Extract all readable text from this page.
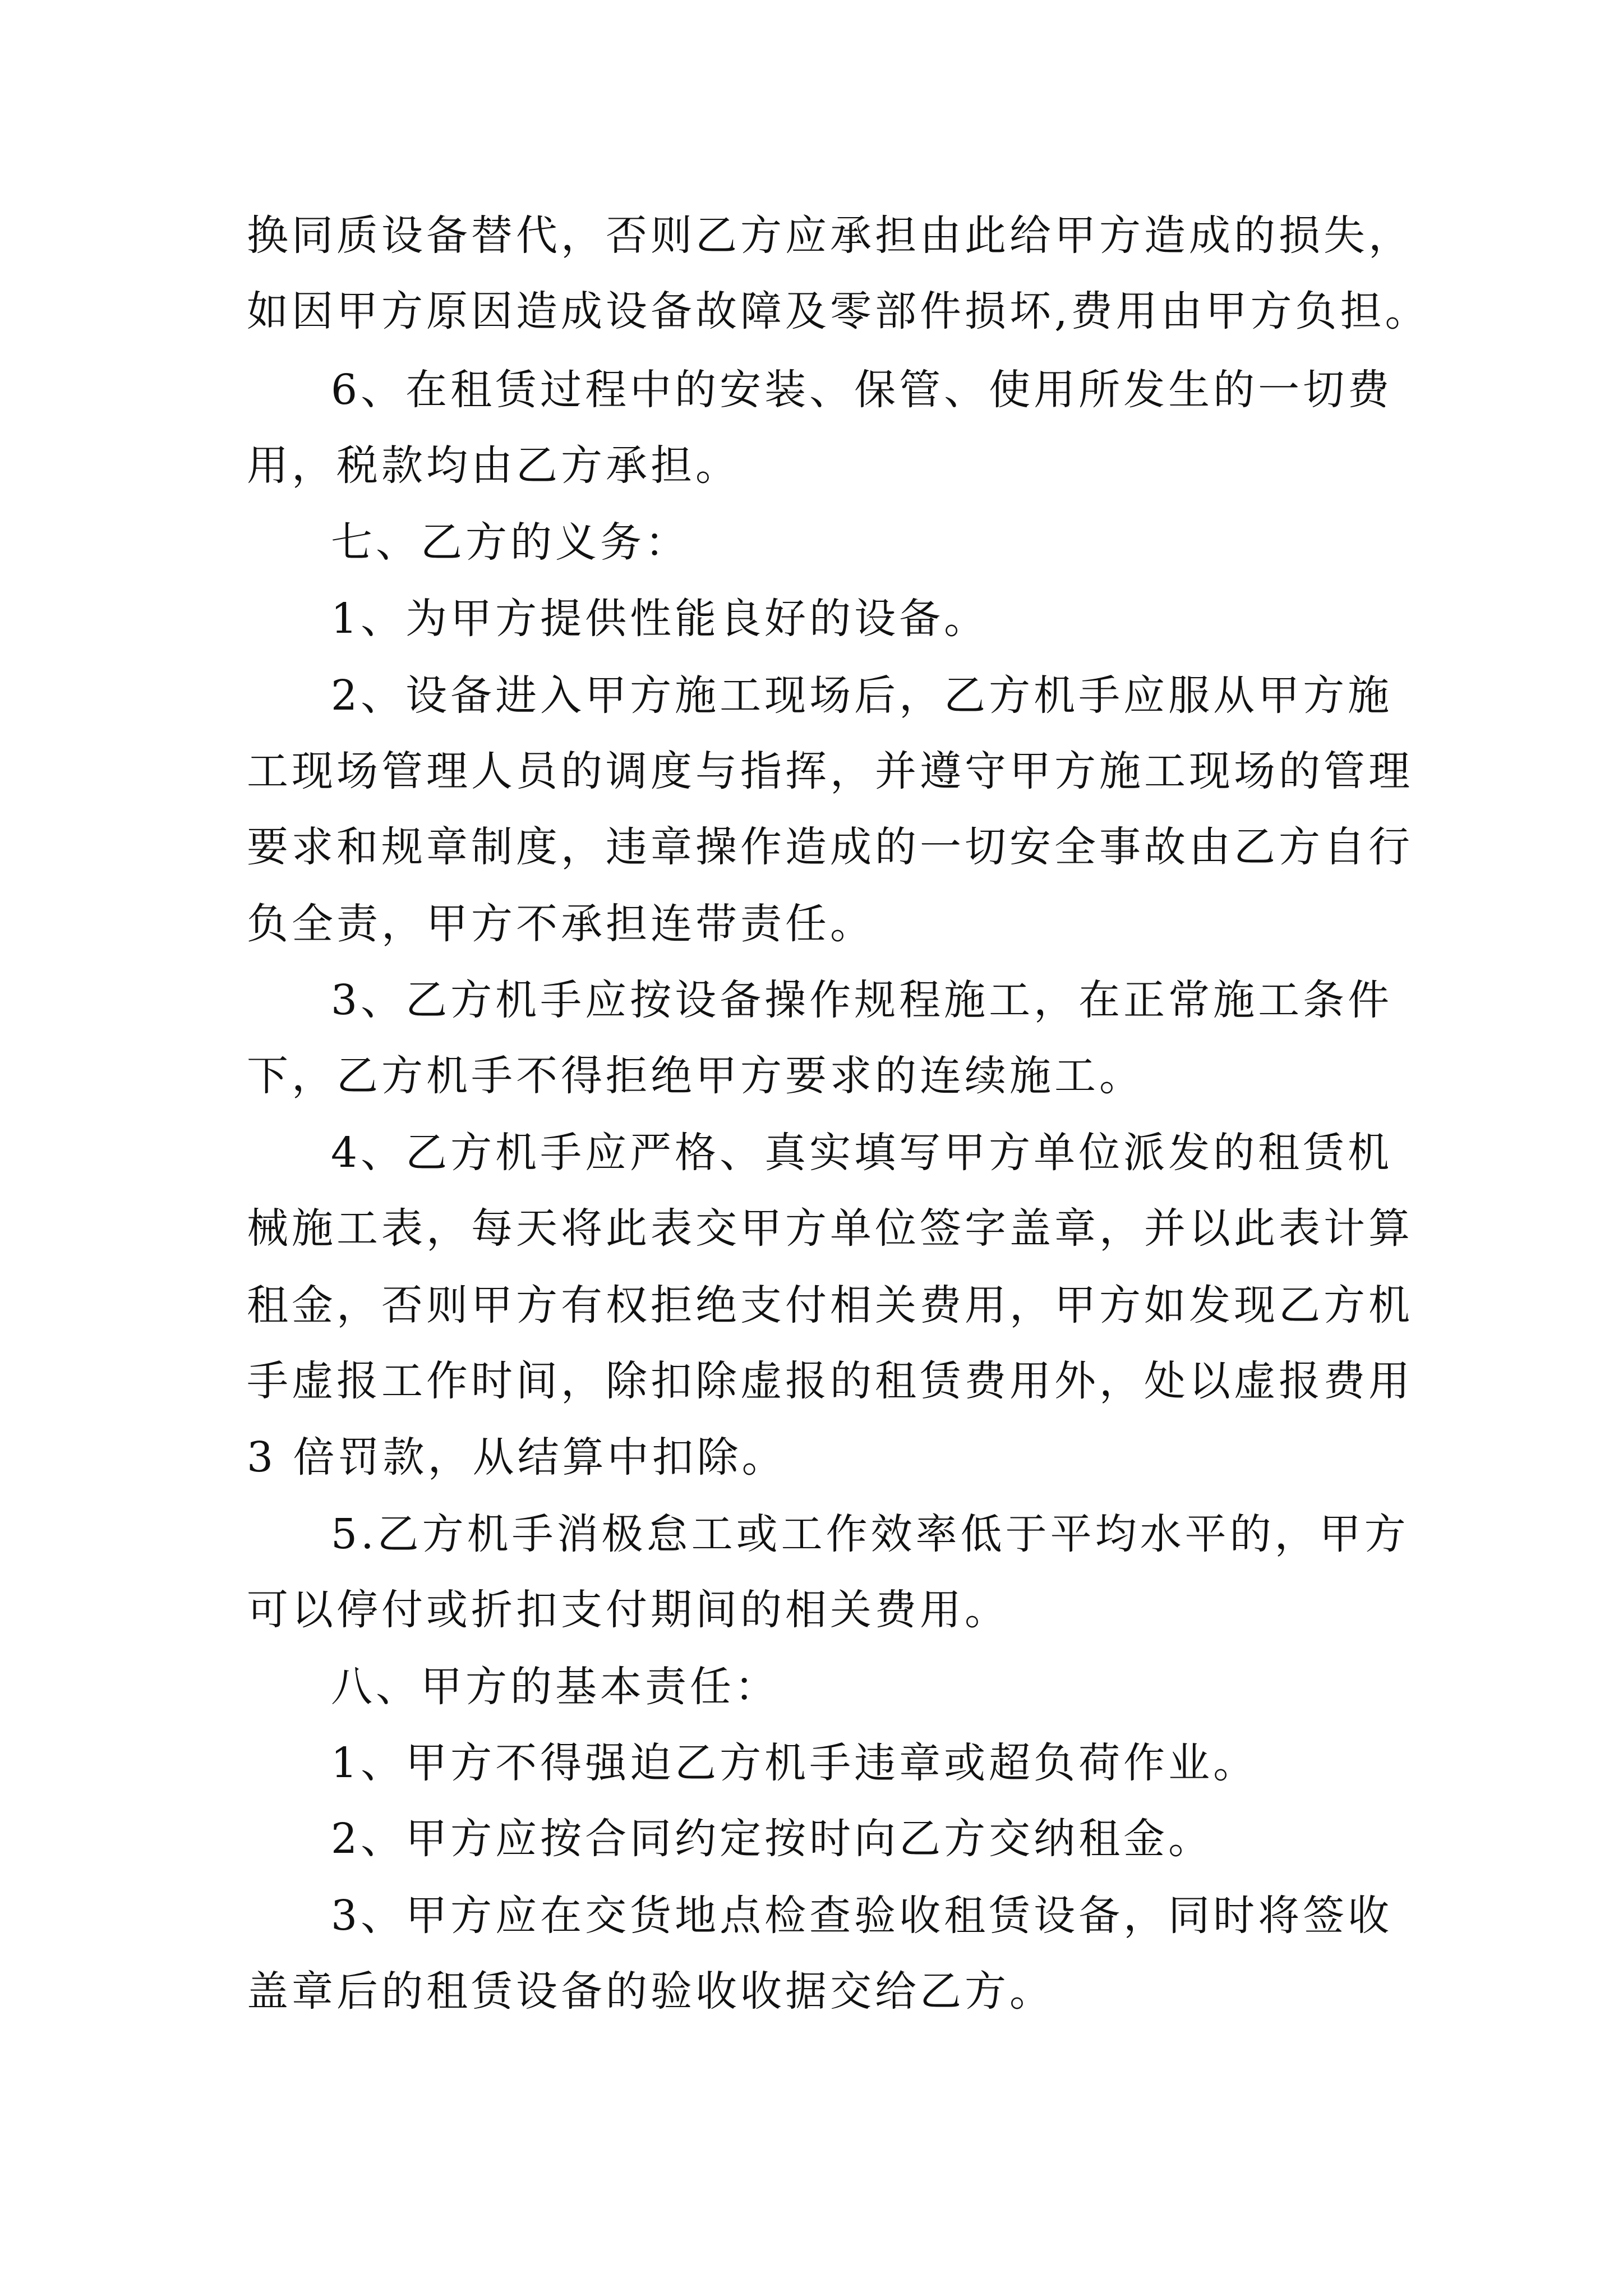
换同质设备替代，否则乙方应承担由此给甲方造成的损失，

如因甲方原因造成设备故障及零部件损坏,费用由甲方负担。

6、在租赁过程中的安装、保管、使用所发生的一切费

用，税款均由乙方承担。

七、乙方的义务：

1、为甲方提供性能良好的设备。

2、设备进入甲方施工现场后，乙方机手应服从甲方施

工现场管理人员的调度与指挥，并遵守甲方施工现场的管理

要求和规章制度，违章操作造成的一切安全事故由乙方自行

负全责，甲方不承担连带责任。

3、乙方机手应按设备操作规程施工，在正常施工条件

下，乙方机手不得拒绝甲方要求的连续施工。

4、乙方机手应严格、真实填写甲方单位派发的租赁机

械施工表，每天将此表交甲方单位签字盖章，并以此表计算

租金，否则甲方有权拒绝支付相关费用，甲方如发现乙方机

手虚报工作时间，除扣除虚报的租赁费用外，处以虚报费用

3 倍罚款，从结算中扣除。

5.乙方机手消极怠工或工作效率低于平均水平的，甲方

可以停付或折扣支付期间的相关费用。

八、甲方的基本责任：

1、甲方不得强迫乙方机手违章或超负荷作业。

2、甲方应按合同约定按时向乙方交纳租金。

3、甲方应在交货地点检查验收租赁设备，同时将签收

盖章后的租赁设备的验收收据交给乙方。
